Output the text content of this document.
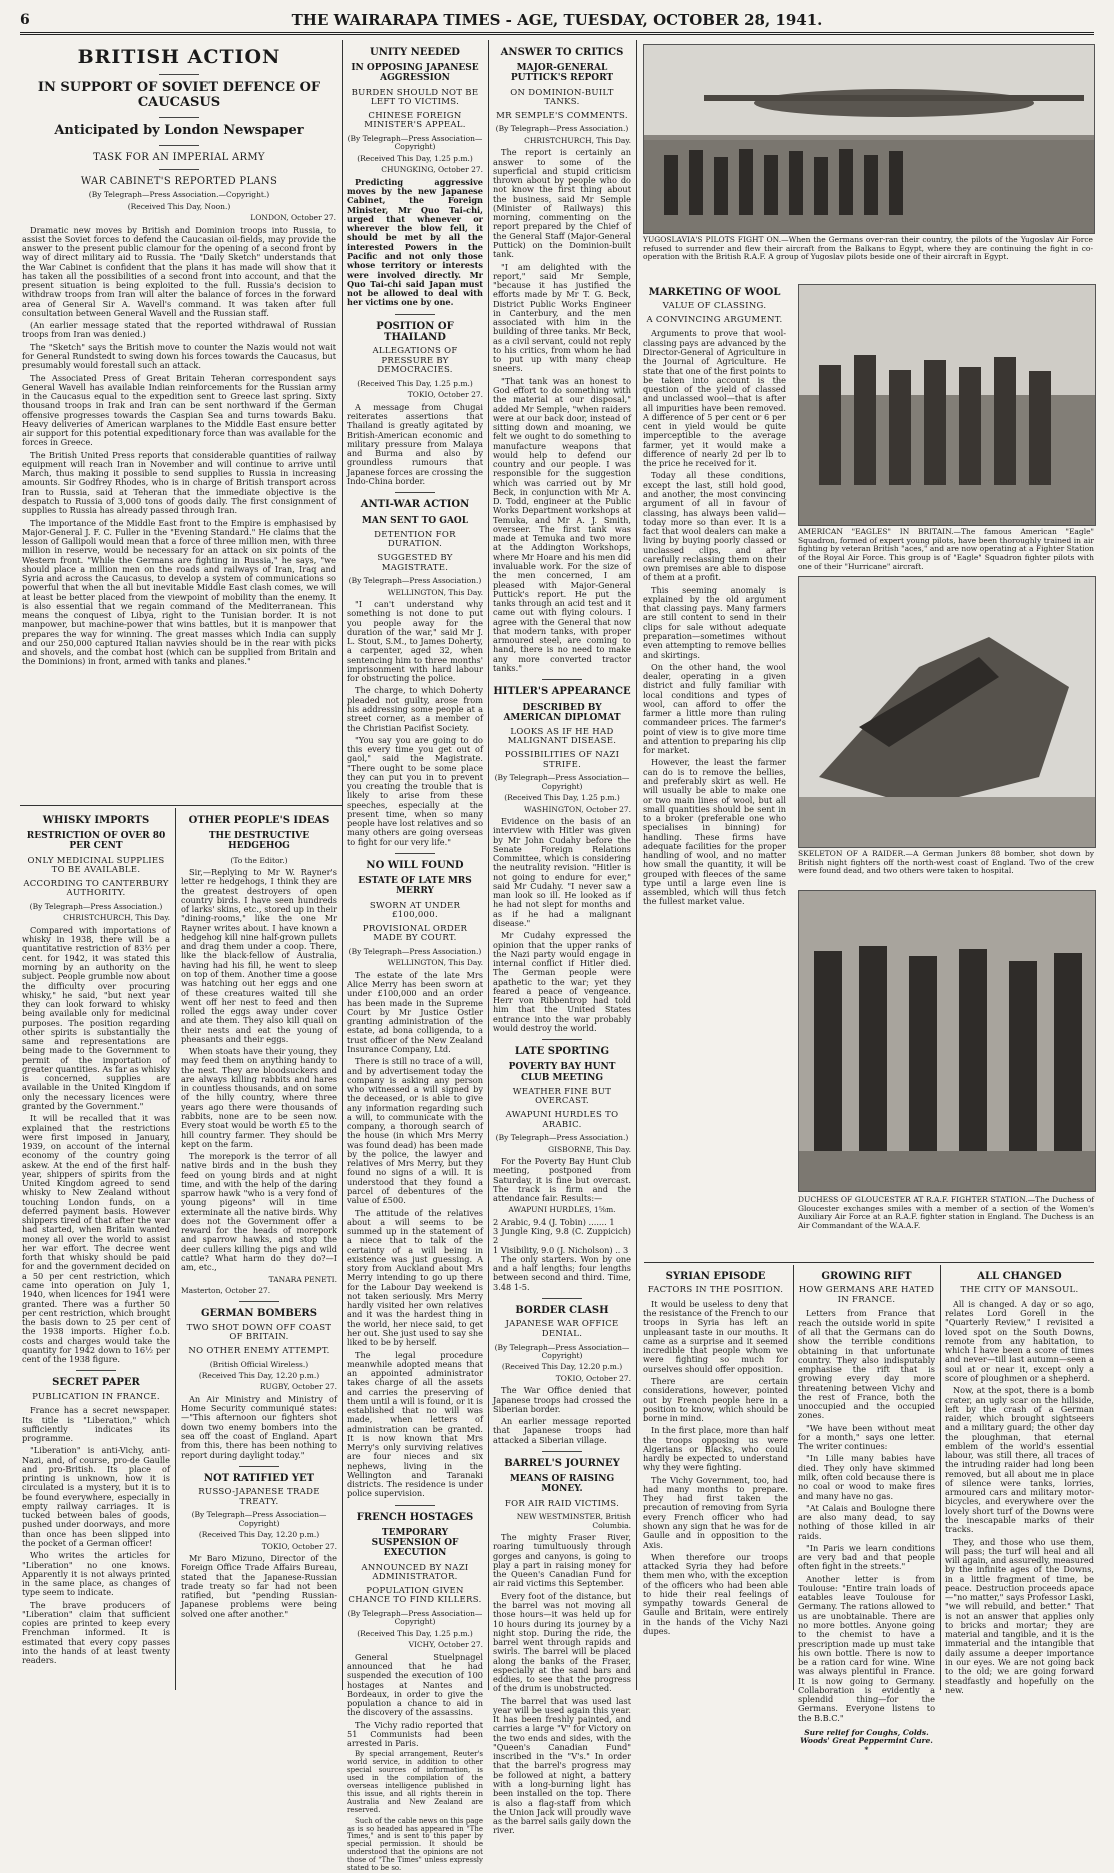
6	THE WAIRARAPA TIMES - AGE, TUESDAY, OCTOBER 28, 1941.
BRITISH ACTION
IN SUPPORT OF SOVIET DEFENCE OF CAUCASUS
Anticipated by London Newspaper
TASK FOR AN IMPERIAL ARMY
WAR CABINET'S REPORTED PLANS
(By Telegraph—Press Association.—Copyright.)
(Received This Day, Noon.)
LONDON, October 27.

Dramatic new moves by British and Dominion troops into Russia, to assist the Soviet forces to defend the Caucasian oil-fields, may provide the answer to the present public clamour for the opening of a second front by way of direct military aid to Russia. The "Daily Sketch" understands that the War Cabinet is confident that the plans it has made will show that it has taken all the possibilities of a second front into account, and that the present situation is being exploited to the full. Russia's decision to withdraw troops from Iran will alter the balance of forces in the forward area of General Sir A. Wavell's command. It was taken after full consultation between General Wavell and the Russian staff.

(An earlier message stated that the reported withdrawal of Russian troops from Iran was denied.)

The "Sketch" says the British move to counter the Nazis would not wait for General Rundstedt to swing down his forces towards the Caucasus, but presumably would forestall such an attack.

The Associated Press of Great Britain Teheran correspondent says General Wavell has available Indian reinforcements for the Russian army in the Caucasus equal to the expedition sent to Greece last spring. Sixty thousand troops in Irak and Iran can be sent northward if the German offensive progresses towards the Caspian Sea and turns towards Baku. Heavy deliveries of American warplanes to the Middle East ensure better air support for this potential expeditionary force than was available for the forces in Greece.

The British United Press reports that considerable quantities of railway equipment will reach Iran in November and will continue to arrive until March, thus making it possible to send supplies to Russia in increasing amounts. Sir Godfrey Rhodes, who is in charge of British transport across Iran to Russia, said at Teheran that the immediate objective is the despatch to Russia of 3,000 tons of goods daily. The first consignment of supplies to Russia has already passed through Iran.

The importance of the Middle East front to the Empire is emphasised by Major-General J. F. C. Fuller in the "Evening Standard." He claims that the lesson of Gallipoli would mean that a force of three million men, with three million in reserve, would be necessary for an attack on six points of the Western front. "While the Germans are fighting in Russia," he says, "we should place a million men on the roads and railways of Iran, Iraq and Syria and across the Caucasus, to develop a system of communications so powerful that when the all but inevitable Middle East clash comes, we will at least be better placed from the viewpoint of mobility than the enemy. It is also essential that we regain command of the Mediterranean. This means the conquest of Libya, right to the Tunisian border. It is not manpower, but machine-power that wins battles, but it is manpower that prepares the way for winning. The great masses which India can supply and our 250,000 captured Italian navvies should be in the rear with picks and shovels, and the combat host (which can be supplied from Britain and the Dominions) in front, armed with tanks and planes."

WHISKY IMPORTS
RESTRICTION OF OVER 80 PER CENT
ONLY MEDICINAL SUPPLIES TO BE AVAILABLE.
ACCORDING TO CANTERBURY AUTHORITY.
(By Telegraph—Press Association.)
CHRISTCHURCH, This Day.

Compared with importations of whisky in 1938, there will be a quantitative restriction of 83½ per cent. for 1942, it was stated this morning by an authority on the subject. People grumble now about the difficulty over procuring whisky," he said, "but next year they can look forward to whisky being available only for medicinal purposes. The position regarding other spirits is substantially the same and representations are being made to the Government to permit of the importation of greater quantities. As far as whisky is concerned, supplies are available in the United Kingdom if only the necessary licences were granted by the Government."

It will be recalled that it was explained that the restrictions were first imposed in January, 1939, on account of the internal economy of the country going askew. At the end of the first half-year, shippers of spirits from the United Kingdom agreed to send whisky to New Zealand without touching London funds, on a deferred payment basis. However shippers tired of that after the war had started, when Britain wanted money all over the world to assist her war effort. The decree went forth that whisky should be paid for and the government decided on a 50 per cent restriction, which came into operation on July 1, 1940, when licences for 1941 were granted. There was a further 50 per cent restriction, which brought the basis down to 25 per cent of the 1938 imports. Higher f.o.b. costs and charges would take the quantity for 1942 down to 16½ per cent of the 1938 figure.

SECRET PAPER
PUBLICATION IN FRANCE.

France has a secret newspaper. Its title is "Liberation," which sufficiently indicates its programme.

"Liberation" is anti-Vichy, anti-Nazi, and, of course, pro-de Gaulle and pro-British. Its place of printing is unknown, how it is circulated is a mystery, but it is to be found everywhere, especially in empty railway carriages. It is tucked between bales of goods, pushed under doorways, and more than once has been slipped into the pocket of a German officer!

Who writes the articles for "Liberation" no one knows. Apparently it is not always printed in the same place, as changes of type seem to indicate.

The brave producers of "Liberation" claim that sufficient copies are printed to keep every Frenchman informed. It is estimated that every copy passes into the hands of at least twenty readers.

OTHER PEOPLE'S IDEAS
THE DESTRUCTIVE HEDGEHOG
(To the Editor.)

Sir,—Replying to Mr W. Rayner's letter re hedgehogs, I think they are the greatest destroyers of open country birds. I have seen hundreds of larks' skins, etc., stored up in their "dining-rooms," like the one Mr Rayner writes about. I have known a hedgehog kill nine half-grown pullets and drag them under a coop. There, like the black-fellow of Australia, having had his fill, he went to sleep on top of them. Another time a goose was hatching out her eggs and one of these creatures waited till she went off her nest to feed and then rolled the eggs away under cover and ate them. They also kill quail on their nests and eat the young of pheasants and their eggs.

When stoats have their young, they may feed them on anything handy to the nest. They are bloodsuckers and are always killing rabbits and hares in countless thousands, and on some of the hilly country, where three years ago there were thousands of rabbits, none are to be seen now. Every stoat would be worth £5 to the hill country farmer. They should be kept on the farm.

The morepork is the terror of all native birds and in the bush they feed on young birds and at night time, and with the help of the daring sparrow hawk "who is a very fond of young pigeons" will in time exterminate all the native birds. Why does not the Government offer a reward for the heads of morepork and sparrow hawks, and stop the deer cullers killing the pigs and wild cattle? What harm do they do?—I am, etc.,

TANARA PENETI.
Masterton, October 27.
GERMAN BOMBERS
TWO SHOT DOWN OFF COAST OF BRITAIN.
NO OTHER ENEMY ATTEMPT.
(British Official Wireless.)
(Received This Day, 12.20 p.m.)
RUGBY, October 27.

An Air Ministry and Ministry of Home Security communiqué states:—"This afternoon our fighters shot down two enemy bombers into the sea off the coast of England. Apart from this, there has been nothing to report during daylight today."

NOT RATIFIED YET
RUSSO-JAPANESE TRADE TREATY.
(By Telegraph—Press Association—Copyright)
(Received This Day, 12.20 p.m.)
TOKIO, October 27.

Mr Baro Mizuno, Director of the Foreign Office Trade Affairs Bureau, stated that the Japanese-Russian trade treaty so far had not been ratified, but "pending Russian-Japanese problems were being solved one after another."

UNITY NEEDED
IN OPPOSING JAPANESE AGGRESSION
BURDEN SHOULD NOT BE LEFT TO VICTIMS.
CHINESE FOREIGN MINISTER'S APPEAL.
(By Telegraph—Press Association—Copyright)
(Received This Day, 1.25 p.m.)
CHUNGKING, October 27.

Predicting aggressive moves by the new Japanese Cabinet, the Foreign Minister, Mr Quo Tai-chi, urged that whenever or wherever the blow fell, it should be met by all the interested Powers in the Pacific and not only those whose territory or interests were involved directly. Mr Quo Tai-chi said Japan must not be allowed to deal with her victims one by one.

POSITION OF THAILAND
ALLEGATIONS OF PRESSURE BY DEMOCRACIES.
(Received This Day, 1.25 p.m.)
TOKIO, October 27.

A message from Chugai reiterates assertions that Thailand is greatly agitated by British-American economic and military pressure from Malaya and Burma and also by groundless rumours that Japanese forces are crossing the Indo-China border.

ANTI-WAR ACTION
MAN SENT TO GAOL
DETENTION FOR DURATION.
SUGGESTED BY MAGISTRATE.
(By Telegraph—Press Association.)
WELLINGTON, This Day.

"I can't understand why something is not done to put you people away for the duration of the war," said Mr J. L. Stout, S.M., to James Doherty, a carpenter, aged 32, when sentencing him to three months' imprisonment with hard labour for obstructing the police.

The charge, to which Doherty pleaded not guilty, arose from his addressing some people at a street corner, as a member of the Christian Pacifist Society.

"You say you are going to do this every time you get out of gaol," said the Magistrate. "There ought to be some place they can put you in to prevent you creating the trouble that is likely to arise from these speeches, especially at the present time, when so many people have lost relatives and so many others are going overseas to fight for our very life."

NO WILL FOUND
ESTATE OF LATE MRS MERRY
SWORN AT UNDER £100,000.
PROVISIONAL ORDER MADE BY COURT.
(By Telegraph—Press Association.)
WELLINGTON, This Day.

The estate of the late Mrs Alice Merry has been sworn at under £100,000 and an order has been made in the Supreme Court by Mr Justice Ostler granting administration of the estate, ad bona colligenda, to a trust officer of the New Zealand Insurance Company, Ltd.

There is still no trace of a will, and by advertisement today the company is asking any person who witnessed a will signed by the deceased, or is able to give any information regarding such a will, to communicate with the company, a thorough search of the house (in which Mrs Merry was found dead) has been made by the police, the lawyer and relatives of Mrs Merry, but they found no signs of a will. It is understood that they found a parcel of debentures of the value of £500.

The attitude of the relatives about a will seems to be summed up in the statement of a niece that to talk of the certainty of a will being in existence was just guessing. A story from Auckland about Mrs Merry intending to go up there for the Labour Day weekend is not taken seriously. Mrs Merry hardly visited her own relatives and it was the hardest thing in the world, her niece said, to get her out. She just used to say she liked to be by herself.

The legal procedure meanwhile adopted means that an appointed administrator takes charge of all the assets and carries the preserving of them until a will is found, or it is established that no will was made, when letters of administration can be granted. It is now known that Mrs Merry's only surviving relatives are four nieces and six nephews, living in the Wellington and Taranaki districts. The residence is under police supervision.

FRENCH HOSTAGES
TEMPORARY SUSPENSION OF EXECUTION
ANNOUNCED BY NAZI ADMINISTRATOR.
POPULATION GIVEN CHANCE TO FIND KILLERS.
(By Telegraph—Press Association—Copyright)
(Received This Day, 1.25 p.m.)
VICHY, October 27.

General Stuelpnagel announced that he had suspended the execution of 100 hostages at Nantes and Bordeaux, in order to give the population a chance to aid in the discovery of the assassins.

The Vichy radio reported that 51 Communists had been arrested in Paris.

By special arrangement, Reuter's world service, in addition to other special sources of information, is used in the compilation of the overseas intelligence published in this issue, and all rights therein in Australia and New Zealand are reserved.

Such of the cable news on this page as is so headed has appeared in "The Times," and is sent to this paper by special permission. It should be understood that the opinions are not those of "The Times" unless expressly stated to be so.

ANSWER TO CRITICS
MAJOR-GENERAL PUTTICK'S REPORT
ON DOMINION-BUILT TANKS.
MR SEMPLE'S COMMENTS.
(By Telegraph—Press Association.)
CHRISTCHURCH, This Day.

The report is certainly an answer to some of the superficial and stupid criticism thrown about by people who do not know the first thing about the business, said Mr Semple (Minister of Railways) this morning, commenting on the report prepared by the Chief of the General Staff (Major-General Puttick) on the Dominion-built tank.

"I am delighted with the report," said Mr Semple, "because it has justified the efforts made by Mr T. G. Beck, District Public Works Engineer in Canterbury, and the men associated with him in the building of three tanks. Mr Beck, as a civil servant, could not reply to his critics, from whom he had to put up with many cheap sneers.

"That tank was an honest to God effort to do something with the material at our disposal," added Mr Semple, "when raiders were at our back door, instead of sitting down and moaning, we felt we ought to do something to manufacture weapons that would help to defend our country and our people. I was responsible for the suggestion which was carried out by Mr Beck, in conjunction with Mr A. D. Todd, engineer at the Public Works Department workshops at Temuka, and Mr A. J. Smith, overseer. The first tank was made at Temuka and two more at the Addington Workshops, where Mr Hoare and his men did invaluable work. For the size of the men concerned, I am pleased with Major-General Puttick's report. He put the tanks through an acid test and it came out with flying colours. I agree with the General that now that modern tanks, with proper armoured steel, are coming to hand, there is no need to make any more converted tractor tanks."

HITLER'S APPEARANCE
DESCRIBED BY AMERICAN DIPLOMAT
LOOKS AS IF HE HAD MALIGNANT DISEASE.
POSSIBILITIES OF NAZI STRIFE.
(By Telegraph—Press Association—Copyright)
(Received This Day, 1.25 p.m.)
WASHINGTON, October 27.

Evidence on the basis of an interview with Hitler was given by Mr John Cudahy before the Senate Foreign Relations Committee, which is considering the neutrality revision. "Hitler is not going to endure for ever," said Mr Cudahy. "I never saw a man look so ill. He looked as if he had not slept for months and as if he had a malignant disease."

Mr Cudahy expressed the opinion that the upper ranks of the Nazi party would engage in internal conflict if Hitler died. The German people were apathetic to the war; yet they feared a peace of vengeance. Herr von Ribbentrop had told him that the United States entrance into the war probably would destroy the world.

LATE SPORTING
POVERTY BAY HUNT CLUB MEETING
WEATHER FINE BUT OVERCAST.
AWAPUNI HURDLES TO ARABIC.
(By Telegraph—Press Association.)
GISBORNE, This Day.

For the Poverty Bay Hunt Club meeting, postponed from Saturday, it is fine but overcast. The track is firm and the attendance fair. Results:—

AWAPUNI HURDLES, 1⅝m.
2 Arabic, 9.4 (J. Tobin) ....... 1
3 Jungle King, 9.8 (C. Zuppicich) 2
1 Visibility, 9.0 (J. Nicholson) .. 3

The only starters. Won by one and a half lengths; four lengths between second and third. Time, 3.48 1-5.

BORDER CLASH
JAPANESE WAR OFFICE DENIAL.
(By Telegraph—Press Association—Copyright)
(Received This Day, 12.20 p.m.)
TOKIO, October 27.

The War Office denied that Japanese troops had crossed the Siberian border.

An earlier message reported that Japanese troops had attacked a Siberian village.

BARREL'S JOURNEY
MEANS OF RAISING MONEY.
FOR AIR RAID VICTIMS.
NEW WESTMINSTER, British Columbia.

The mighty Fraser River, roaring tumultuously through gorges and canyons, is going to play a part in raising money for the Queen's Canadian Fund for air raid victims this September.

Every foot of the distance, but the barrel was not moving all those hours—it was held up for 10 hours during its journey by a night stop. During the ride, the barrel went through rapids and swirls. The barrel will be placed along the banks of the Fraser, especially at the sand bars and eddies, to see that the progress of the drum is unobstructed.

The barrel that was used last year will be used again this year. It has been freshly painted, and carries a large "V" for Victory on the two ends and sides, with the "Queen's Canadian Fund" inscribed in the "V's." In order that the barrel's progress may be followed at night, a battery with a long-burning light has been installed on the top. There is also a flag-staff from which the Union Jack will proudly wave as the barrel sails gaily down the river.

YUGOSLAVIA'S PILOTS FIGHT ON.—When the Germans over-ran their country, the pilots of the Yugoslav Air Force refused to surrender and flew their aircraft from the Balkans to Egypt, where they are continuing the fight in co-operation with the British R.A.F. A group of Yugoslav pilots beside one of their aircraft in Egypt.
MARKETING OF WOOL
VALUE OF CLASSING.
A CONVINCING ARGUMENT.

Arguments to prove that wool-classing pays are advanced by the Director-General of Agriculture in the Journal of Agriculture. He state that one of the first points to be taken into account is the question of the yield of classed and unclassed wool—that is after all impurities have been removed. A difference of 5 per cent or 6 per cent in yield would be quite imperceptible to the average farmer, yet it would make a difference of nearly 2d per lb to the price he received for it.

Today all these conditions, except the last, still hold good, and another, the most convincing argument of all in favour of classing, has always been valid—today more so than ever. It is a fact that wool dealers can make a living by buying poorly classed or unclassed clips, and after carefully reclassing them on their own premises are able to dispose of them at a profit.

This seeming anomaly is explained by the old argument that classing pays. Many farmers are still content to send in their clips for sale without adequate preparation—sometimes without even attempting to remove bellies and skirtings.

On the other hand, the wool dealer, operating in a given district and fully familiar with local conditions and types of wool, can afford to offer the farmer a little more than ruling commandeer prices. The farmer's point of view is to give more time and attention to preparing his clip for market.

However, the least the farmer can do is to remove the bellies, and preferably skirt as well. He will usually be able to make one or two main lines of wool, but all small quantities should be sent in to a broker (preferable one who specialises in binning) for handling. These firms have adequate facilities for the proper handling of wool, and no matter how small the quantity, it will be grouped with fleeces of the same type until a large even line is assembled, which will thus fetch the fullest market value.

AMERICAN "EAGLES" IN BRITAIN.—The famous American "Eagle" Squadron, formed of expert young pilots, have been thoroughly trained in air fighting by veteran British "aces," and are now operating at a Fighter Station of the Royal Air Force. This group is of "Eagle" Squadron fighter pilots with one of their "Hurricane" aircraft.
SKELETON OF A RAIDER.—A German Junkers 88 bomber, shot down by British night fighters off the north-west coast of England. Two of the crew were found dead, and two others were taken to hospital.
DUCHESS OF GLOUCESTER AT R.A.F. FIGHTER STATION.—The Duchess of Gloucester exchanges smiles with a member of a section of the Women's Auxiliary Air Force at an R.A.F. fighter station in England. The Duchess is an Air Commandant of the W.A.A.F.
SYRIAN EPISODE
FACTORS IN THE POSITION.

It would be useless to deny that the resistance of the French to our troops in Syria has left an unpleasant taste in our mouths. It came as a surprise and it seemed incredible that people whom we were fighting so much for ourselves should offer opposition.

There are certain considerations, however, pointed out by French people here in a position to know, which should be borne in mind.

In the first place, more than half the troops opposing us were Algerians or Blacks, who could hardly be expected to understand why they were fighting.

The Vichy Government, too, had had many months to prepare. They had first taken the precaution of removing from Syria every French officer who had shown any sign that he was for de Gaulle and in opposition to the Axis.

When therefore our troops attacked Syria they had before them men who, with the exception of the officers who had been able to hide their real feelings of sympathy towards General de Gaulle and Britain, were entirely in the hands of the Vichy Nazi dupes.

GROWING RIFT
HOW GERMANS ARE HATED IN FRANCE.

Letters from France that reach the outside world in spite of all that the Germans can do show the terrible conditions obtaining in that unfortunate country. They also indisputably emphasise the rift that is growing every day more threatening between Vichy and the rest of France, both the unoccupied and the occupied zones.

"We have been without meat for a month," says one letter. The writer continues:

"In Lille many babies have died. They only have skimmed milk, often cold because there is no coal or wood to make fires and many have no gas.

"At Calais and Boulogne there are also many dead, to say nothing of those killed in air raids.

"In Paris we learn conditions are very bad and that people often fight in the streets."

Another letter is from Toulouse: "Entire train loads of eatables leave Toulouse for Germany. The rations allowed to us are unobtainable. There are no more bottles. Anyone going to the chemist to have a prescription made up must take his own bottle. There is now to be a ration card for wine. Wine was always plentiful in France. It is now going to Germany. Collaboration is evidently a splendid thing—for the Germans. Everyone listens to the B.B.C."

Sure relief for Coughs, Colds.
Woods' Great Peppermint Cure. *
ALL CHANGED
THE CITY OF MANSOUL.

All is changed. A day or so ago, relates Lord Gorell in the "Quarterly Review," I revisited a loved spot on the South Downs, remote from any habitation, to which I have been a score of times and never—till last autumn—seen a soul at or near it, except only a score of ploughmen or a shepherd.

Now, at the spot, there is a bomb crater, an ugly scar on the hillside, left by the crash of a German raider, which brought sightseers and a military guard; the other day the ploughman, that eternal emblem of the world's essential labour, was still there, all traces of the intruding raider had long been removed, but all about me in place of silence were tanks, lorries, armoured cars and military motor-bicycles, and everywhere over the lovely short turf of the Downs were the inescapable marks of their tracks.

They, and those who use them, will pass; the turf will heal and all will again, and assuredly, measured by the infinite ages of the Downs, in a little fragment of time, be peace. Destruction proceeds apace—"no matter," says Professor Laski, "we will rebuild, and better." That is not an answer that applies only to bricks and mortar; they are material and tangible, and it is the immaterial and the intangible that daily assume a deeper importance in our eyes. We are not going back to the old; we are going forward steadfastly and hopefully on the new.
